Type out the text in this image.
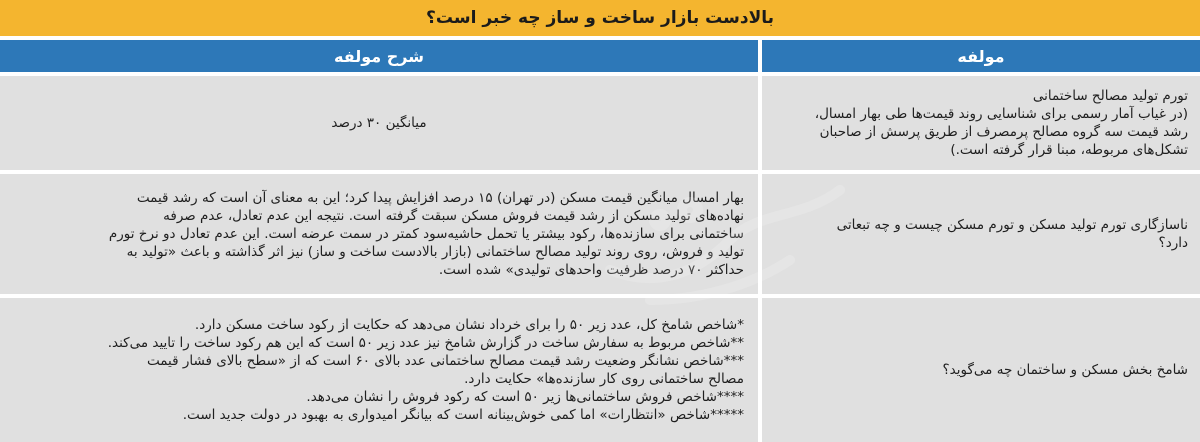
بالادست بازار ساخت و ساز چه خبر است؟
مولفه
شرح مولفه
تورم تولید مصالح ساختمانی
(در غیاب آمار رسمی برای شناسایی روند قیمت‌ها طی بهار امسال،
رشد قیمت سه گروه مصالح پرمصرف از طریق پرسش از صاحبان
تشکل‌های مربوطه، مبنا قرار گرفته است.)
میانگین ۳۰ درصد
ناسازگاری تورم تولید مسکن و تورم مسکن چیست و چه تبعاتی
دارد؟
بهار امسال میانگین قیمت مسکن (در تهران) ۱۵ درصد افزایش پیدا کرد؛ این به معنای آن است که رشد قیمت
نهاده‌های تولید مسکن از رشد قیمت فروش مسکن سبقت گرفته است. نتیجه این عدم تعادل، عدم صرفه
ساختمانی برای سازنده‌ها، رکود بیشتر یا تحمل حاشیه‌سود کمتر در سمت عرضه است. این عدم تعادل دو نرخ تورم
تولید و فروش، روی روند تولید مصالح ساختمانی (بازار بالادست ساخت و ساز) نیز اثر گذاشته و باعث «تولید به
حداکثر ۷۰ درصد ظرفیت واحدهای تولیدی» شده است.
شامخ بخش مسکن و ساختمان چه می‌گوید؟
*شاخص شامخ کل، عدد زیر ۵۰ را برای خرداد نشان می‌دهد که حکایت از رکود ساخت مسکن دارد.
**شاخص مربوط به سفارش ساخت در گزارش شامخ نیز عدد زیر ۵۰ است که این هم رکود ساخت را تایید می‌کند.
***شاخص نشانگر وضعیت رشد قیمت مصالح ساختمانی عدد بالای ۶۰ است که از «سطح بالای فشار قیمت
مصالح ساختمانی روی کار سازنده‌ها» حکایت دارد.
****شاخص فروش ساختمانی‌ها زیر ۵۰ است که رکود فروش را نشان می‌دهد.
*****شاخص «انتظارات» اما کمی خوش‌بینانه است که بیانگر امیدواری به بهبود در دولت جدید است.
